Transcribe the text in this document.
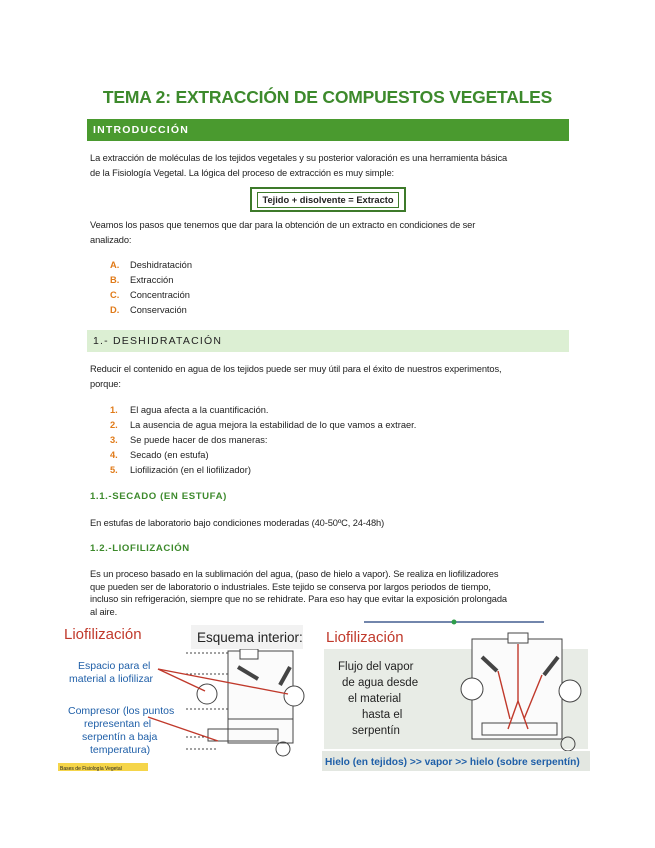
TEMA 2: EXTRACCIÓN DE COMPUESTOS VEGETALES
INTRODUCCIÓN
La extracción de moléculas de los tejidos vegetales y su posterior valoración es una herramienta básica
de la Fisiología Vegetal. La lógica del proceso de extracción es muy simple:
Tejido + disolvente = Extracto
Veamos los pasos que tenemos que dar para la obtención de un extracto en condiciones de ser
analizado:
A.	Deshidratación
B.	Extracción
C.	Concentración
D.	Conservación
1.- DESHIDRATACIÓN
Reducir el contenido en agua de los tejidos puede ser muy útil para el éxito de nuestros experimentos,
porque:
1.	El agua afecta a la cuantificación.
2.	La ausencia de agua mejora la estabilidad de lo que vamos a extraer.
3.	Se puede hacer de dos maneras:
4.	Secado (en estufa)
5.	Liofilización (en el liofilizador)
1.1.-SECADO (EN ESTUFA)
En estufas de laboratorio bajo condiciones moderadas (40-50ºC, 24-48h)
1.2.-LIOFILIZACIÓN
Es un proceso basado en la sublimación del agua, (paso de hielo a vapor). Se realiza en liofilizadores
que pueden ser de laboratorio o industriales. Este tejido se conserva por largos periodos de tiempo,
incluso sin refrigeración, siempre que no se rehidrate. Para eso hay que evitar la exposición prolongada
al aire.
Esquema interior:
Liofilización
Espacio para el
material a liofilizar
Compresor (los puntos
representan el
serpentín a baja
temperatura)
Bases de Fisiología Vegetal
Liofilización
Flujo del vapor
de agua desde
el material
hasta el
serpentín
Hielo (en tejidos) >> vapor >> hielo (sobre serpentín)
